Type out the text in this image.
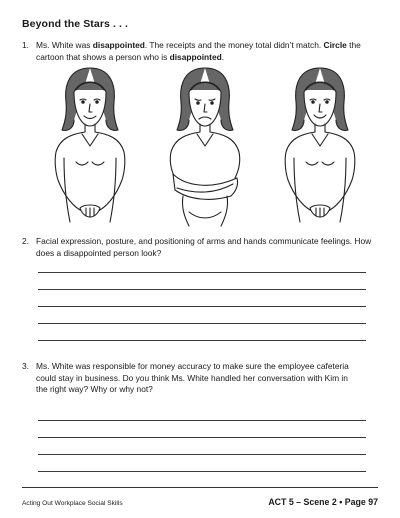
Beyond the Stars . . .
1. Ms. White was disappointed. The receipts and the money total didn’t match. Circle the cartoon that shows a person who is disappointed.
2. Facial expression, posture, and positioning of arms and hands communicate feelings. How does a disappointed person look?
3. Ms. White was responsible for money accuracy to make sure the employee cafeteria could stay in business. Do you think Ms. White handled her conversation with Kim in the right way? Why or why not?
Acting Out Workplace Social Skills	ACT 5 – Scene 2 • Page 97
